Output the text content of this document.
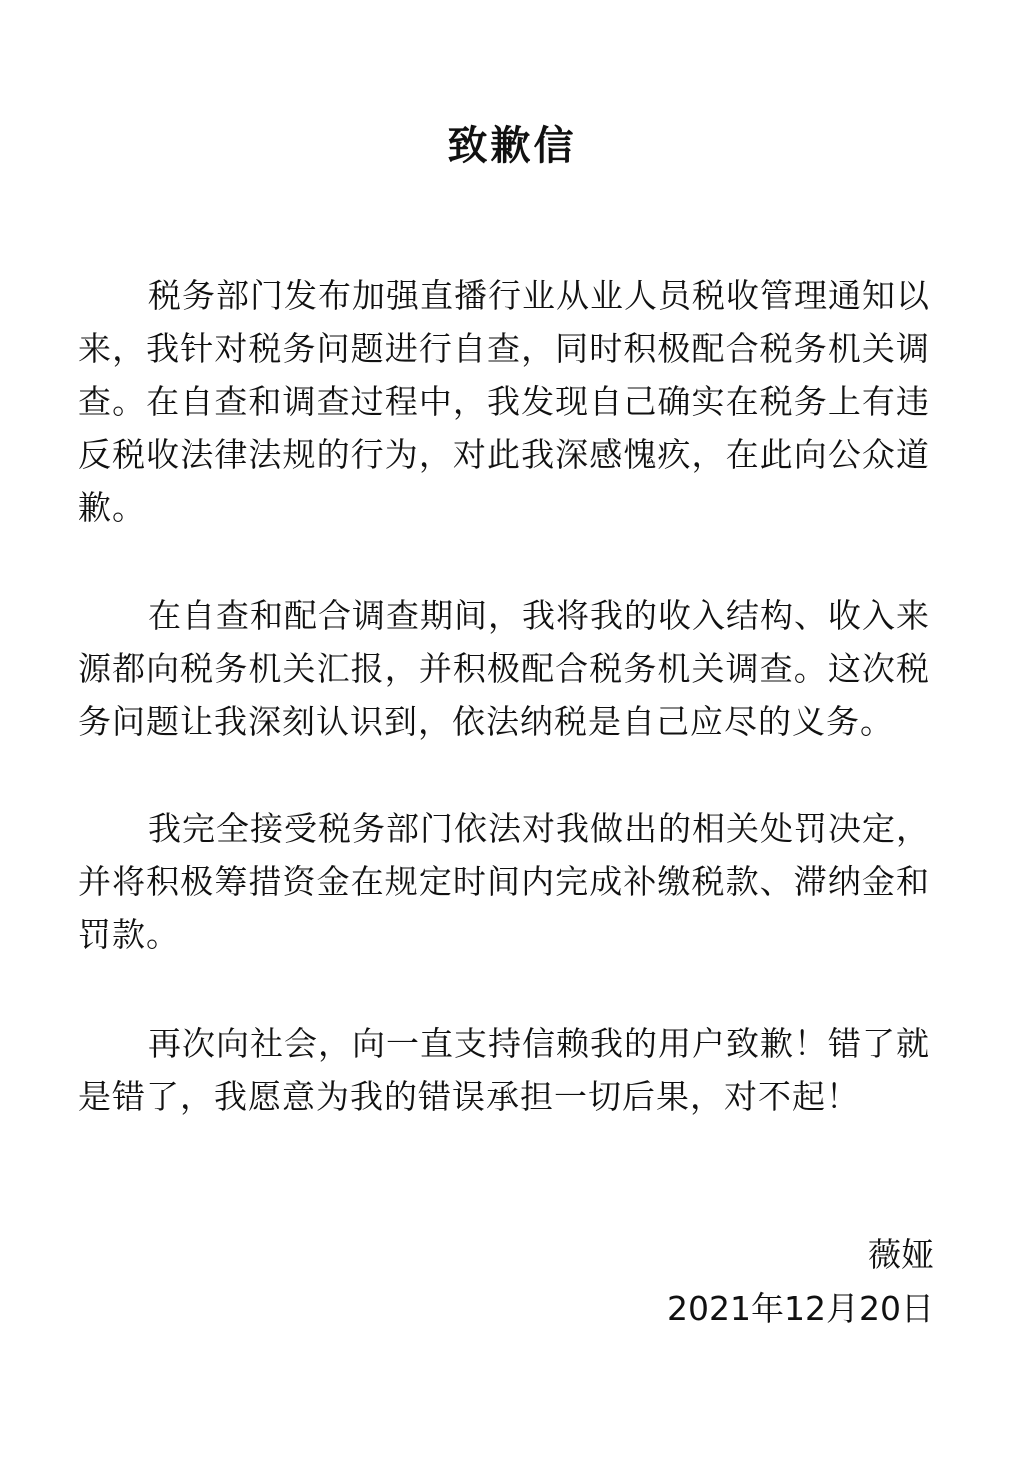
致歉信

税务部门发布加强直播行业从业人员税收管理通知以来，我针对税务问题进行自查，同时积极配合税务机关调查。在自查和调查过程中，我发现自己确实在税务上有违反税收法律法规的行为，对此我深感愧疚，在此向公众道歉。

在自查和配合调查期间，我将我的收入结构、收入来源都向税务机关汇报，并积极配合税务机关调查。这次税务问题让我深刻认识到，依法纳税是自己应尽的义务。

我完全接受税务部门依法对我做出的相关处罚决定，并将积极筹措资金在规定时间内完成补缴税款、滞纳金和罚款。

再次向社会，向一直支持信赖我的用户致歉！错了就是错了，我愿意为我的错误承担一切后果，对不起！

薇娅

2021年12月20日
